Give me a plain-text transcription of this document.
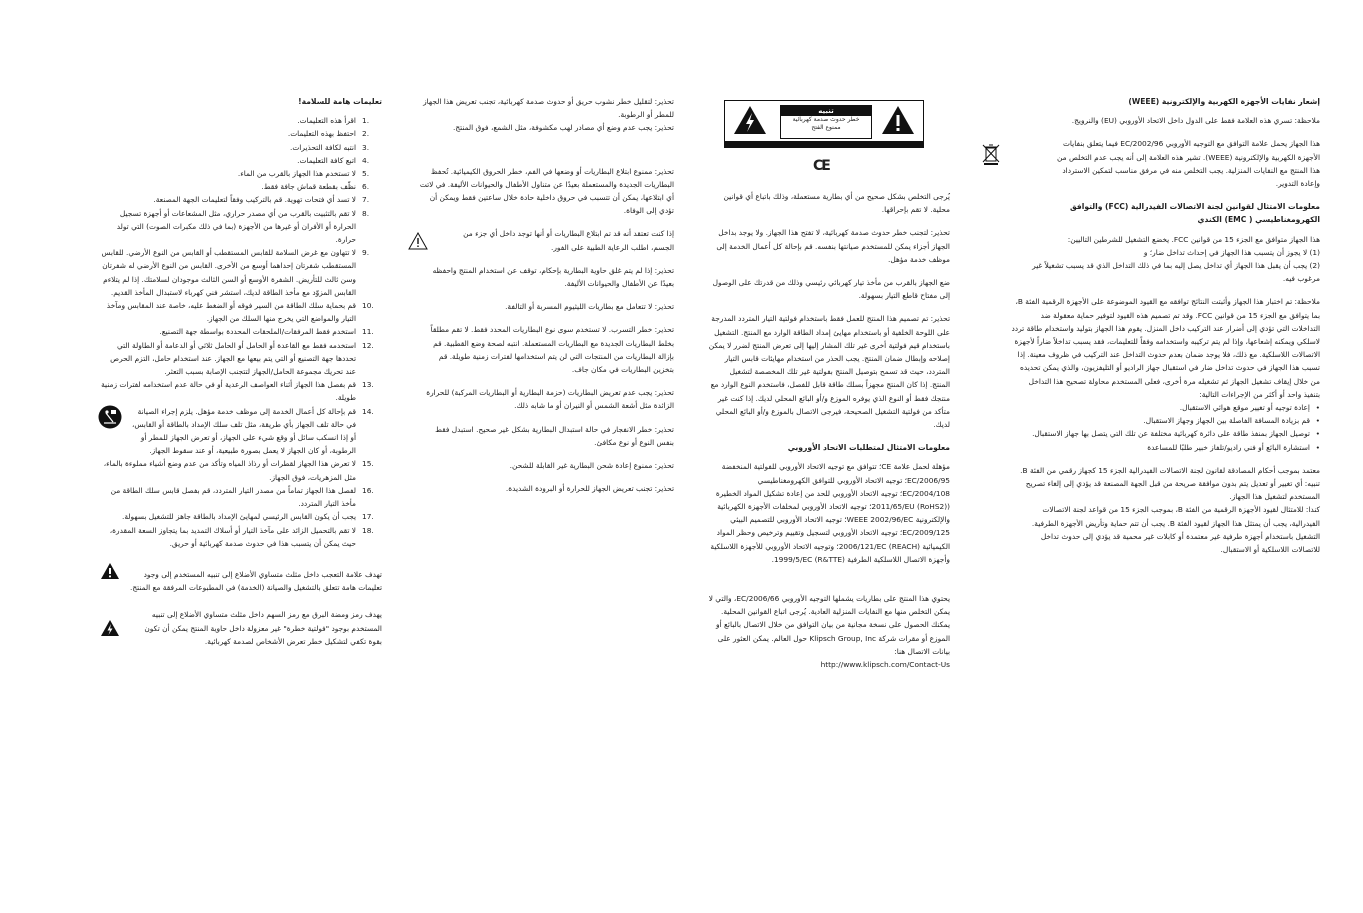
إشعار نفايات الأجهزة الكهربية والإلكترونية (WEEE)

ملاحظة: تسري هذه العلامة فقط على الدول داخل الاتحاد الأوروبي (EU) والنرويج.

هذا الجهاز يحمل علامة التوافق مع التوجيه الأوروبي EC/2002/96 فيما يتعلق بنفايات الأجهزة الكهربية والإلكترونية (WEEE). تشير هذه العلامة إلى أنه يجب عدم التخلص من هذا المنتج مع النفايات المنزلية. يجب التخلص منه في مرفق مناسب لتمكين الاسترداد وإعادة التدوير.

معلومات الامتثال لقوانين لجنة الاتصالات الفيدرالية (FCC) والتوافق الكهرومغناطيسي ( EMC) الكندي

هذا الجهاز متوافق مع الجزء 15 من قوانين FCC. يخضع التشغيل للشرطين التاليين:

(1) لا يجوز أن يتسبب هذا الجهاز في إحداث تداخل ضار؛ و

(2) يجب أن يقبل هذا الجهاز أي تداخل يصل إليه بما في ذلك التداخل الذي قد يسبب تشغيلاً غير مرغوب فيه.

ملاحظة: تم اختبار هذا الجهاز وأثبتت النتائج توافقه مع القيود الموضوعة على الأجهزة الرقمية الفئة B، بما يتوافق مع الجزء 15 من قوانين FCC. وقد تم تصميم هذه القيود لتوفير حماية معقولة ضد التداخلات التي تؤدي إلى أضرار عند التركيب داخل المنزل. يقوم هذا الجهاز بتوليد واستخدام طاقة تردد لاسلكي ويمكنه إشعاعها، وإذا لم يتم تركيبه واستخدامه وفقاً للتعليمات، فقد يسبب تداخلاً ضاراً لأجهزة الاتصالات اللاسلكية. مع ذلك، فلا يوجد ضمان بعدم حدوث التداخل عند التركيب في ظروف معينة. إذا تسبب هذا الجهاز في حدوث تداخل ضار في استقبال جهاز الراديو أو التليفزيون، والذي يمكن تحديده من خلال إيقاف تشغيل الجهاز ثم تشغيله مرة أخرى، فعلى المستخدم محاولة تصحيح هذا التداخل بتنفيذ واحد أو أكثر من الإجراءات التالية:

• إعادة توجيه أو تغيير موقع هوائي الاستقبال.
• قم بزيادة المسافة الفاصلة بين الجهاز وجهاز الاستقبال.
• توصيل الجهاز بمنفذ طاقة على دائرة كهربائية مختلفة عن تلك التي يتصل بها جهاز الاستقبال.
• استشارة البائع أو فني راديو/تلفاز خبير طلبًا للمساعدة

معتمد بموجب أحكام المصادقة لقانون لجنة الاتصالات الفيدرالية الجزء 15 كجهاز رقمي من الفئة B.

تنبيه: أي تغيير أو تعديل يتم بدون موافقة صريحة من قبل الجهة المصنعة قد يؤدي إلى إلغاء تصريح المستخدم لتشغيل هذا الجهاز.

كندا: للامتثال لقيود الأجهزة الرقمية من الفئة B، بموجب الجزء 15 من قواعد لجنة الاتصالات الفيدرالية، يجب أن يمتثل هذا الجهاز لقيود الفئة B. يجب أن تتم حماية وتأريض الأجهزة الطرفية. التشغيل باستخدام أجهزة طرفية غير معتمدة أو كابلات غير محمية قد يؤدي إلى حدوث تداخل للاتصالات اللاسلكية أو الاستقبال.

تنبيه
خطر حدوث صدمة كهربائية
ممنوع الفتح
CE

يُرجى التخلص بشكل صحيح من أي بطارية مستعملة، وذلك باتباع أي قوانين محلية. لا تقم بإحراقها.

تحذير: لتجنب خطر حدوث صدمة كهربائية، لا تفتح هذا الجهاز. ولا يوجد بداخل الجهاز أجزاء يمكن للمستخدم صيانتها بنفسه. قم بإحالة كل أعمال الخدمة إلى موظف خدمة مؤهل.

ضع الجهاز بالقرب من مأخذ تيار كهربائي رئيسي وذلك من قدرتك على الوصول إلى مفتاح قاطع التيار بسهولة.

تحذير: تم تصميم هذا المنتج للعمل فقط باستخدام فولتية التيار المتردد المدرجة على اللوحة الخلفية أو باستخدام مهايئ إمداد الطاقة الوارد مع المنتج. التشغيل باستخدام قيم فولتية أخرى غير تلك المشار إليها إلى تعرض المنتج لضرر لا يمكن إصلاحه وإبطال ضمان المنتج. يجب الحذر من استخدام مهايئات قابس التيار المتردد، حيث قد تسمح بتوصيل المنتج بفولتية غير تلك المخصصة لتشغيل المنتج. إذا كان المنتج مجهزاً بسلك طاقة قابل للفصل، فاستخدم النوع الوارد مع منتجك فقط أو النوع الذي يوفره الموزع و/أو البائع المحلي لديك. إذا كنت غير متأكد من فولتية التشغيل الصحيحة، فيرجى الاتصال بالموزع و/أو البائع المحلي لديك.

معلومات الامتثال لمتطلبات الاتحاد الأوروبي

مؤهلة لحمل علامة CE؛ تتوافق مع توجيه الاتحاد الأوروبي للفولتية المنخفضة EC/2006/95؛ توجيه الاتحاد الأوروبي للتوافق الكهرومغناطيسي 2004/108/EC؛ توجيه الاتحاد الأوروبي للحد من إعادة تشكيل المواد الخطيرة ((RoHS2) 2011/65/EU؛ توجيه الاتحاد الأوروبي لمخلفات الأجهزة الكهربائية والإلكترونية WEEE 2002/96/EC؛ توجيه الاتحاد الأوروبي للتصميم البيئي EC/2009/125؛ توجيه الاتحاد الأوروبي لتسجيل وتقييم وترخيص وحظر المواد الكيميائية (REACH) 2006/121/EC؛ وتوجيه الاتحاد الأوروبي للأجهزة اللاسلكية وأجهزة الاتصال اللاسلكية الطرفية (R&TTE) 1999/5/EC.

يحتوي هذا المنتج على بطاريات يشملها التوجيه الأوروبي EC/2006/66، والتي لا يمكن التخلص منها مع النفايات المنزلية العادية. يُرجى اتباع القوانين المحلية. يمكنك الحصول على نسخة مجانية من بيان التوافق من خلال الاتصال بالبائع أو الموزع أو مقرات شركة Klipsch Group, Inc حول العالم. يمكن العثور على بيانات الاتصال هنا:

http://www.klipsch.com/Contact-Us

تحذير: لتقليل خطر نشوب حريق أو حدوث صدمة كهربائية، تجنب تعريض هذا الجهاز للمطر أو الرطوبة.

تحذير: يجب عدم وضع أي مصادر لهب مكشوفة، مثل الشمع، فوق المنتج.

تحذير: ممنوع ابتلاع البطاريات أو وضعها في الفم، خطر الحروق الكيميائية. تُحفظ البطاريات الجديدة والمستعملة بعيدًا عن متناول الأطفال والحيوانات الأليفة. في لاتت أي ابتلاعها، يمكن أن تتسبب في حروق داخلية حادة خلال ساعتين فقط ويمكن أن تؤدي إلى الوفاة.

إذا كنت تعتقد أنه قد تم ابتلاع البطاريات أو أنها توجد داخل أي جزء من الجسم، اطلب الرعاية الطبية على الفور.

تحذير: إذا لم يتم غلق حاوية البطارية بإحكام، توقف عن استخدام المنتج واحفظه بعيدًا عن الأطفال والحيوانات الأليفة.

تحذير: لا تتعامل مع بطاريات الليثيوم المسربة أو التالفة.

تحذير: خطر التسرب. لا تستخدم سوى نوع البطاريات المحدد فقط. لا تقم مطلقاً بخلط البطاريات الجديدة مع البطاريات المستعملة. انتبه لصحة وضع القطبية. قم بإزالة البطاريات من المنتجات التي لن يتم استخدامها لفترات زمنية طويلة. قم بتخزين البطاريات في مكان جاف.

تحذير: يجب عدم تعريض البطاريات (حزمة البطارية أو البطاريات المركبة) للحرارة الزائدة مثل أشعة الشمس أو النيران أو ما شابه ذلك.

تحذير: خطر الانفجار في حالة استبدال البطارية بشكل غير صحيح. استبدل فقط بنفس النوع أو نوع مكافئ.

تحذير: ممنوع إعادة شحن البطارية غير القابلة للشحن.

تحذير: تجنب تعريض الجهاز للحرارة أو البرودة الشديدة.

تعليمات هامة للسلامة!
1.
اقرأ هذه التعليمات.
2.
احتفظ بهذه التعليمات.
3.
انتبه لكافة التحذيرات.
4.
اتبع كافة التعليمات.
5.
لا تستخدم هذا الجهاز بالقرب من الماء.
6.
نظّف بقطعة قماش جافة فقط.
7.
لا تسد أي فتحات تهوية. قم بالتركيب وفقاً لتعليمات الجهة المصنعة.
8.
لا تقم بالتثبيت بالقرب من أي مصدر حراري، مثل المشعاعات أو أجهزة تسجيل الحرارة أو الأفران أو غيرها من الأجهزة (بما في ذلك مكبرات الصوت) التي تولد حرارة.
9.
لا تتهاون مع غرض السلامة للقابس المستقطب أو القابس من النوع الأرضي. للقابس المستقطب شفرتان إحداهما أوسع من الأخرى. القابس من النوع الأرضي له شفرتان وسن ثالث للتأريض. الشفرة الأوسع أو السن الثالث موجودان لسلامتك. إذا لم يتلاءم القابس المزوّد مع مأخذ الطاقة لديك، استشر فني كهرباء لاستبدال المأخذ القديم.
10.
قم بحماية سلك الطاقة من السير فوقه أو الضغط عليه، خاصة عند المقابس ومآخذ التيار والمواضع التي يخرج منها السلك من الجهاز.
11.
استخدم فقط المرفقات/الملحقات المحددة بواسطة جهة التصنيع.
12.
استخدمه فقط مع القاعدة أو الحامل أو الحامل ثلاثي أو الدعامة أو الطاولة التي تحددها جهة التصنيع أو التي يتم بيعها مع الجهاز. عند استخدام حامل، التزم الحرص عند تحريك مجموعة الحامل/الجهاز لتتجنب الإصابة بسبب التعثر.
13.
قم بفصل هذا الجهاز أثناء العواصف الرعدية أو في حالة عدم استخدامه لفترات زمنية طويلة.
14.
قم بإحالة كل أعمال الخدمة إلى موظف خدمة مؤهل. يلزم إجراء الصيانة في حالة تلف الجهاز بأي طريقة، مثل تلف سلك الإمداد بالطاقة أو القابس، أو إذا انسكب سائل أو وقع شيء على الجهاز، أو تعرض الجهاز للمطر أو الرطوبة، أو كان الجهاز لا يعمل بصورة طبيعية، أو عند سقوط الجهاز.
15.
لا تعرض هذا الجهاز لقطرات أو رذاذ المياه وتأكد من عدم وضع أشياء مملوءة بالماء، مثل المزهريات، فوق الجهاز.
16.
لفصل هذا الجهاز تماماً من مصدر التيار المتردد، قم بفصل قابس سلك الطاقة من مأخذ التيار المتردد.
17.
يجب أن يكون القابس الرئيسي لمهايئ الإمداد بالطاقة جاهز للتشغيل بسهولة.
18.
لا تقم بالتحميل الزائد على مآخذ التيار أو أسلاك التمديد بما يتجاوز السعة المقدرة، حيث يمكن أن يتسبب هذا في حدوث صدمة كهربائية أو حريق.

تهدف علامة التعجب داخل مثلث متساوي الأضلاع إلى تنبيه المستخدم إلى وجود تعليمات هامة تتعلق بالتشغيل والصيانة (الخدمة) في المطبوعات المرفقة مع المنتج.

يهدف رمز ومضة البرق مع رمز السهم داخل مثلث متساوي الأضلاع إلى تنبيه المستخدم بوجود "فولتية خطرة" غير معزولة داخل حاوية المنتج يمكن أن تكون بقوة تكفي لتشكيل خطر تعرض الأشخاص لصدمة كهربائية.
